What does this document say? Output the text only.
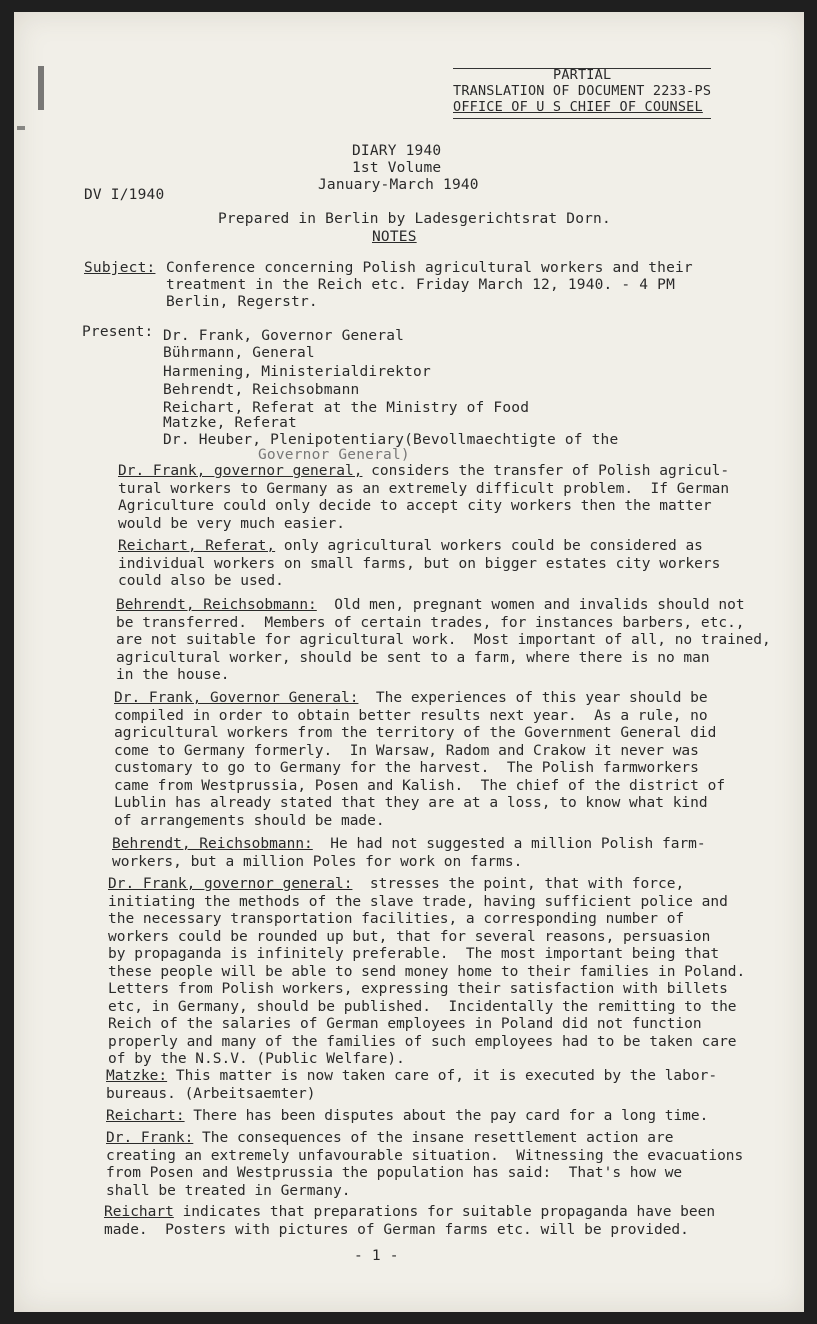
PARTIAL
TRANSLATION OF DOCUMENT 2233-PS
OFFICE OF U S CHIEF OF COUNSEL
DIARY 1940
1st Volume
January-March 1940
DV I/1940
Prepared in Berlin by Ladesgerichtsrat Dorn.
NOTES
Subject: Conference concerning Polish agricultural workers and their
treatment in the Reich etc. Friday March 12, 1940. - 4 PM
Berlin, Regerstr.
Present: Dr. Frank, Governor General
Bührmann, General
Harmening, Ministerialdirektor
Behrendt, Reichsobmann
Reichart, Referat at the Ministry of Food
Matzke, Referat
Dr. Heuber, Plenipotentiary(Bevollmaechtigte of the
Governor General)
Dr. Frank, governor general, considers the transfer of Polish agricul-
tural workers to Germany as an extremely difficult problem.  If German
Agriculture could only decide to accept city workers then the matter
would be very much easier.
Reichart, Referat, only agricultural workers could be considered as
individual workers on small farms, but on bigger estates city workers
could also be used.
Behrendt, Reichsobmann:  Old men, pregnant women and invalids should not
be transferred.  Members of certain trades, for instances barbers, etc.,
are not suitable for agricultural work.  Most important of all, no trained,
agricultural worker, should be sent to a farm, where there is no man
in the house.
Dr. Frank, Governor General:  The experiences of this year should be
compiled in order to obtain better results next year.  As a rule, no
agricultural workers from the territory of the Government General did
come to Germany formerly.  In Warsaw, Radom and Crakow it never was
customary to go to Germany for the harvest.  The Polish farmworkers
came from Westprussia, Posen and Kalish.  The chief of the district of
Lublin has already stated that they are at a loss, to know what kind
of arrangements should be made.
Behrendt, Reichsobmann:  He had not suggested a million Polish farm-
workers, but a million Poles for work on farms.
Dr. Frank, governor general:  stresses the point, that with force,
initiating the methods of the slave trade, having sufficient police and
the necessary transportation facilities, a corresponding number of
workers could be rounded up but, that for several reasons, persuasion
by propaganda is infinitely preferable.  The most important being that
these people will be able to send money home to their families in Poland.
Letters from Polish workers, expressing their satisfaction with billets
etc, in Germany, should be published.  Incidentally the remitting to the
Reich of the salaries of German employees in Poland did not function
properly and many of the families of such employees had to be taken care
of by the N.S.V. (Public Welfare).
Matzke: This matter is now taken care of, it is executed by the labor-
bureaus. (Arbeitsaemter)
Reichart: There has been disputes about the pay card for a long time.
Dr. Frank: The consequences of the insane resettlement action are
creating an extremely unfavourable situation.  Witnessing the evacuations
from Posen and Westprussia the population has said:  That's how we
shall be treated in Germany.
Reichart indicates that preparations for suitable propaganda have been
made.  Posters with pictures of German farms etc. will be provided.
- 1 -
